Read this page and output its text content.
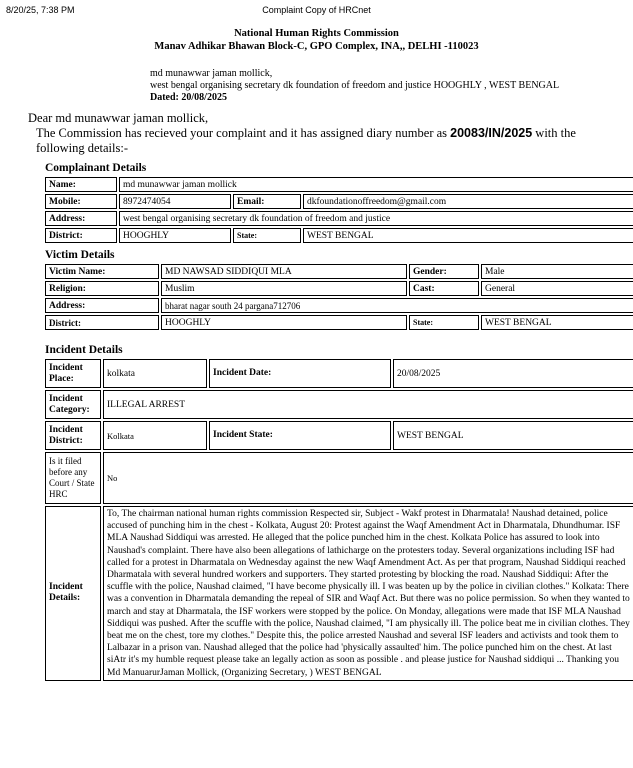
8/20/25, 7:38 PM	Complaint Copy of HRCnet
National Human Rights Commission
Manav Adhikar Bhawan Block-C, GPO Complex, INA,, DELHI -110023
md munawwar jaman mollick,
west bengal organising secretary dk foundation of freedom and justice HOOGHLY , WEST BENGAL
Dated: 20/08/2025

Dear md munawwar jaman mollick,

The Commission has recieved your complaint and it has assigned diary number as 20083/IN/2025 with the

following details:-

Complainant Details
Name:	md munawwar jaman mollick		
Mobile:	8972474054	Email:	dkfoundationoffreedom@gmail.com
Address:	west bengal organising secretary dk foundation of freedom and justice		
District:	HOOGHLY	State:	WEST BENGAL
Victim Details
Victim Name:	MD NAWSAD SIDDIQUI MLA	Gender:	Male
Religion:	Muslim	Cast:	General
Address:	bharat nagar south 24 pargana712706		
District:	HOOGHLY	State:	WEST BENGAL
Incident Details
Incident Place:	kolkata	Incident Date:	20/08/2025
Incident Category:	ILLEGAL ARREST		
Incident District:	Kolkata	Incident State:	WEST BENGAL
Is it filed before any Court / State HRC	No		
Incident Details:	To, The chairman national human rights commission Respected sir, Subject - Wakf protest in Dharmatala! Naushad detained, police accused of punching him in the chest - Kolkata, August 20: Protest against the Waqf Amendment Act in Dharmatala, Dhundhumar. ISF MLA Naushad Siddiqui was arrested. He alleged that the police punched him in the chest. Kolkata Police has assured to look into Naushad's complaint. There have also been allegations of lathicharge on the protesters today. Several organizations including ISF had called for a protest in Dharmatala on Wednesday against the new Waqf Amendment Act. As per that program, Naushad Siddiqui reached Dharmatala with several hundred workers and supporters. They started protesting by blocking the road. Naushad Siddiqui: After the scuffle with the police, Naushad claimed, "I have become physically ill. I was beaten up by the police in civilian clothes." Kolkata: There was a convention in Dharmatala demanding the repeal of SIR and Waqf Act. But there was no police permission. So when they wanted to march and stay at Dharmatala, the ISF workers were stopped by the police. On Monday, allegations were made that ISF MLA Naushad Siddiqui was pushed. After the scuffle with the police, Naushad claimed, "I am physically ill. The police beat me in civilian clothes. They beat me on the chest, tore my clothes." Despite this, the police arrested Naushad and several ISF leaders and activists and took them to Lalbazar in a prison van. Naushad alleged that the police had 'physically assaulted' him. The police punched him on the chest. At last siAtr it's my humble request please take an legally action as soon as possible . and please justice for Naushad siddiqui ... Thanking you Md ManuarurJaman Mollick, (Organizing Secretary, ) WEST BENGAL		
